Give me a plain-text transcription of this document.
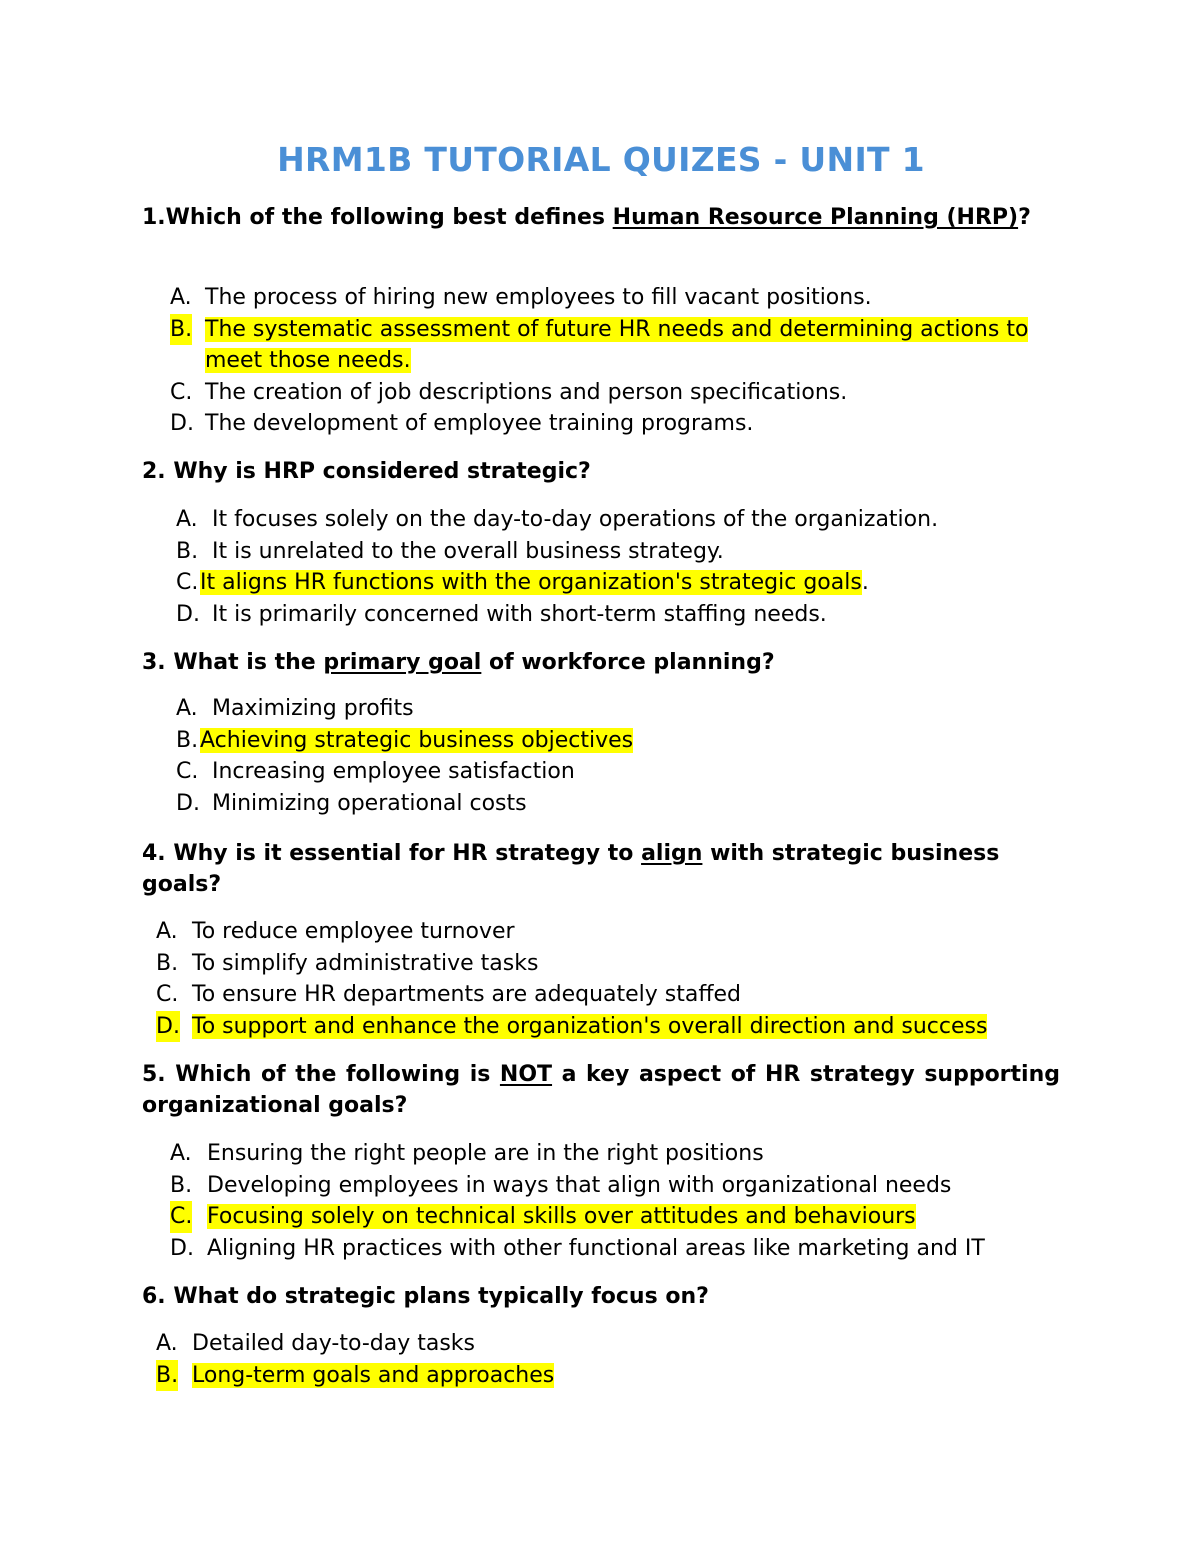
HRM1B TUTORIAL QUIZES - UNIT 1

1.Which of the following best defines Human Resource Planning (HRP)?

A. The process of hiring new employees to fill vacant positions.
B. The systematic assessment of future HR needs and determining actions to meet those needs.
C. The creation of job descriptions and person specifications.
D. The development of employee training programs.

2. Why is HRP considered strategic?

A. It focuses solely on the day-to-day operations of the organization.
B. It is unrelated to the overall business strategy.
C. It aligns HR functions with the organization's strategic goals.
D. It is primarily concerned with short-term staffing needs.

3. What is the primary goal of workforce planning?

A. Maximizing profits
B. Achieving strategic business objectives
C. Increasing employee satisfaction
D. Minimizing operational costs

4. Why is it essential for HR strategy to align with strategic business goals?

A. To reduce employee turnover
B. To simplify administrative tasks
C. To ensure HR departments are adequately staffed
D. To support and enhance the organization's overall direction and success

5. Which of the following is NOT a key aspect of HR strategy supporting organizational goals?

A. Ensuring the right people are in the right positions
B. Developing employees in ways that align with organizational needs
C. Focusing solely on technical skills over attitudes and behaviours
D. Aligning HR practices with other functional areas like marketing and IT

6. What do strategic plans typically focus on?

A. Detailed day-to-day tasks
B. Long-term goals and approaches
